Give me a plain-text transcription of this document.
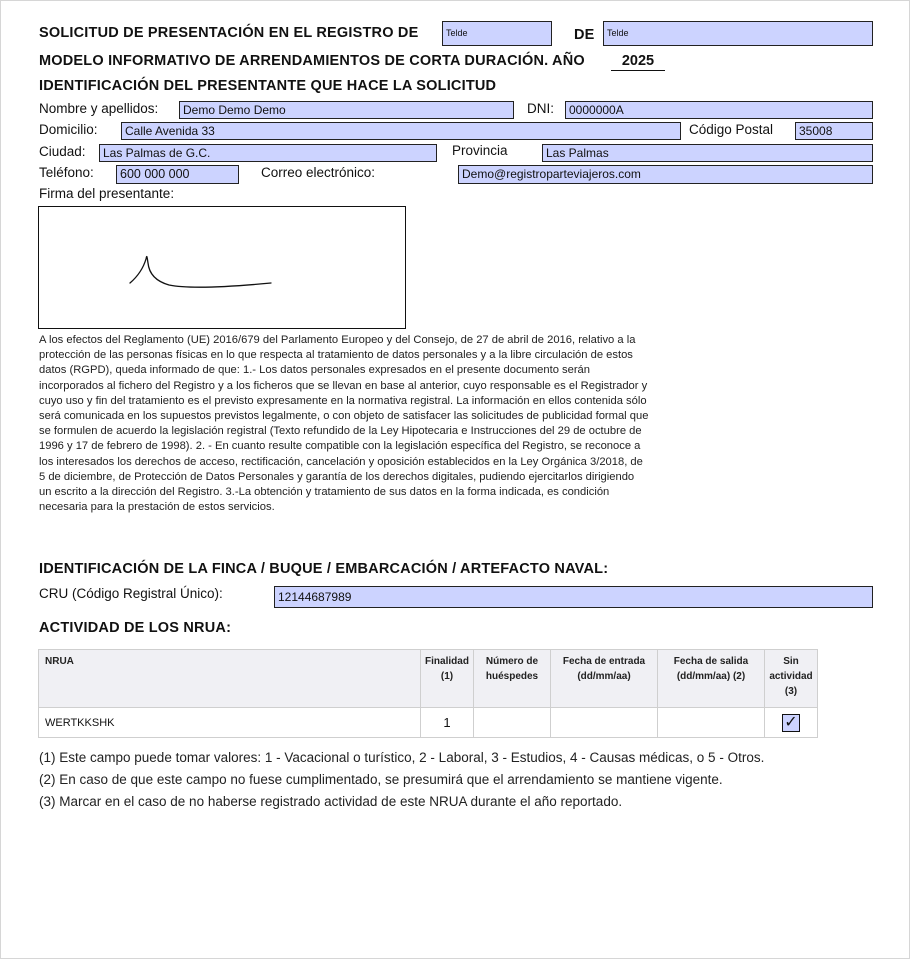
SOLICITUD DE PRESENTACIÓN EN EL REGISTRO DE	Telde	DE	Telde
MODELO INFORMATIVO DE ARRENDAMIENTOS DE CORTA DURACIÓN. AÑO	2025
IDENTIFICACIÓN DEL PRESENTANTE QUE HACE LA SOLICITUD
Nombre y apellidos:	Demo Demo Demo	DNI:	0000000A
Domicilio:	Calle Avenida 33	Código Postal	35008
Ciudad:	Las Palmas de G.C.	Provincia	Las Palmas
Teléfono:	600 000 000	Correo electrónico:	Demo@registroparteviajeros.com
Firma del presentante:
A los efectos del Reglamento (UE) 2016/679 del Parlamento Europeo y del Consejo, de 27 de abril de 2016, relativo a la protección de las personas físicas en lo que respecta al tratamiento de datos personales y a la libre circulación de estos datos (RGPD), queda informado de que: 1.- Los datos personales expresados en el presente documento serán incorporados al fichero del Registro y a los ficheros que se llevan en base al anterior, cuyo responsable es el Registrador y cuyo uso y fin del tratamiento es el previsto expresamente en la normativa registral. La información en ellos contenida sólo será comunicada en los supuestos previstos legalmente, o con objeto de satisfacer las solicitudes de publicidad formal que se formulen de acuerdo la legislación registral (Texto refundido de la Ley Hipotecaria e Instrucciones del 29 de octubre de 1996 y 17 de febrero de 1998). 2. - En cuanto resulte compatible con la legislación específica del Registro, se reconoce a los interesados los derechos de acceso, rectificación, cancelación y oposición establecidos en la Ley Orgánica 3/2018, de 5 de diciembre, de Protección de Datos Personales y garantía de los derechos digitales, pudiendo ejercitarlos dirigiendo un escrito a la dirección del Registro. 3.-La obtención y tratamiento de sus datos en la forma indicada, es condición necesaria para la prestación de estos servicios.
IDENTIFICACIÓN DE LA FINCA / BUQUE / EMBARCACIÓN / ARTEFACTO NAVAL:
CRU (Código Registral Único):	12144687989
ACTIVIDAD DE LOS NRUA:
NRUA	Finalidad (1)	Número de huéspedes	Fecha de entrada (dd/mm/aa)	Fecha de salida (dd/mm/aa) (2)	Sin actividad (3)
WERTKKSHK	1				✓
(1) Este campo puede tomar valores: 1 - Vacacional o turístico, 2 - Laboral, 3 - Estudios, 4 - Causas médicas, o 5 - Otros.
(2) En caso de que este campo no fuese cumplimentado, se presumirá que el arrendamiento se mantiene vigente.
(3) Marcar en el caso de no haberse registrado actividad de este NRUA durante el año reportado.
